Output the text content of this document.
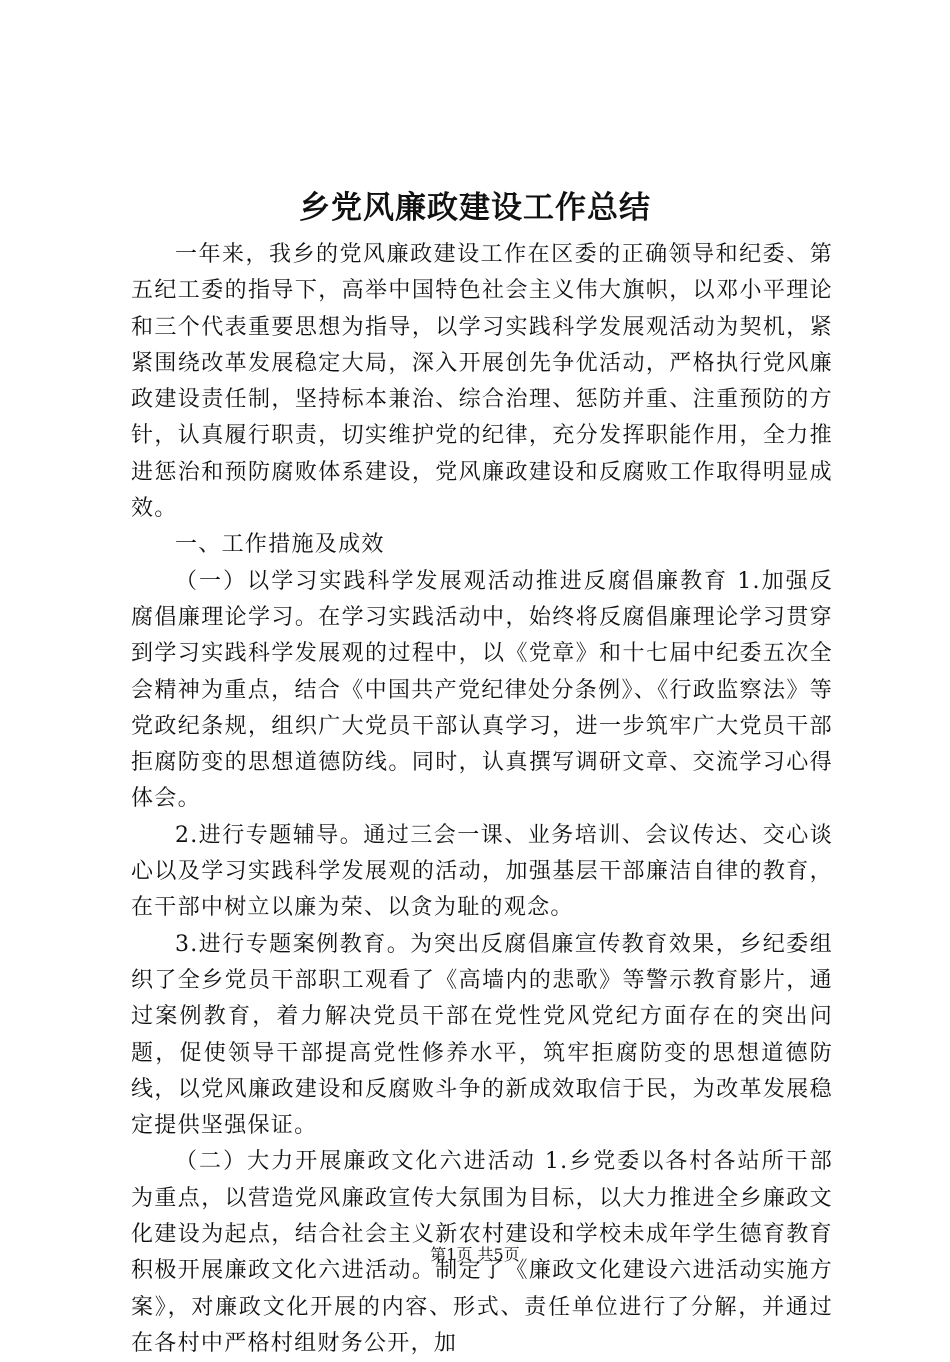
乡党风廉政建设工作总结

一年来，我乡的党风廉政建设工作在区委的正确领导和纪委、第五纪工委的指导下，高举中国特色社会主义伟大旗帜，以邓小平理论和三个代表重要思想为指导，以学习实践科学发展观活动为契机，紧紧围绕改革发展稳定大局，深入开展创先争优活动，严格执行党风廉政建设责任制，坚持标本兼治、综合治理、惩防并重、注重预防的方针，认真履行职责，切实维护党的纪律，充分发挥职能作用，全力推进惩治和预防腐败体系建设，党风廉政建设和反腐败工作取得明显成效。

一、工作措施及成效

（一）以学习实践科学发展观活动推进反腐倡廉教育 1.加强反腐倡廉理论学习。在学习实践活动中，始终将反腐倡廉理论学习贯穿到学习实践科学发展观的过程中，以《党章》和十七届中纪委五次全会精神为重点，结合《中国共产党纪律处分条例》、《行政监察法》等党政纪条规，组织广大党员干部认真学习，进一步筑牢广大党员干部拒腐防变的思想道德防线。同时，认真撰写调研文章、交流学习心得体会。

2.进行专题辅导。通过三会一课、业务培训、会议传达、交心谈心以及学习实践科学发展观的活动，加强基层干部廉洁自律的教育，在干部中树立以廉为荣、以贪为耻的观念。

3.进行专题案例教育。为突出反腐倡廉宣传教育效果，乡纪委组织了全乡党员干部职工观看了《高墙内的悲歌》等警示教育影片，通过案例教育，着力解决党员干部在党性党风党纪方面存在的突出问题，促使领导干部提高党性修养水平，筑牢拒腐防变的思想道德防线，以党风廉政建设和反腐败斗争的新成效取信于民，为改革发展稳定提供坚强保证。

（二）大力开展廉政文化六进活动 1.乡党委以各村各站所干部为重点，以营造党风廉政宣传大氛围为目标，以大力推进全乡廉政文化建设为起点，结合社会主义新农村建设和学校未成年学生德育教育积极开展廉政文化六进活动。制定了《廉政文化建设六进活动实施方案》，对廉政文化开展的内容、形式、责任单位进行了分解，并通过在各村中严格村组财务公开，加

第1页 共5页
